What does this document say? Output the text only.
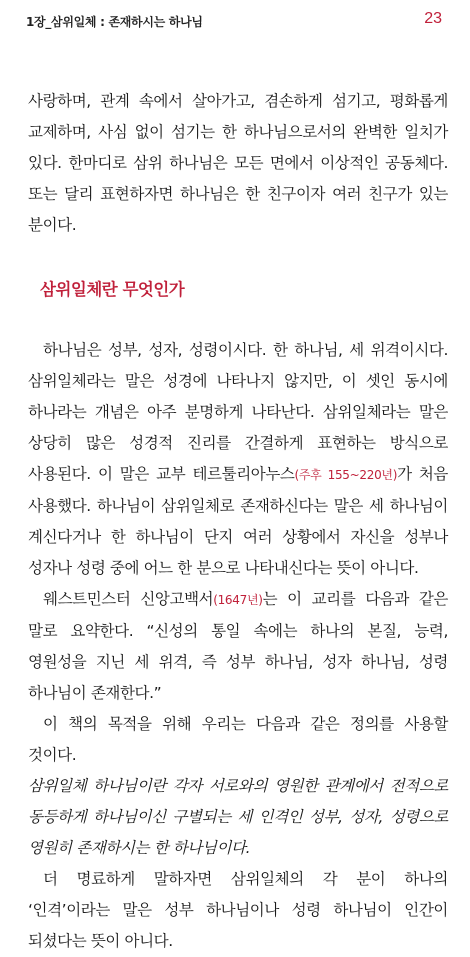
1장_삼위일체 : 존재하시는 하나님	23

사랑하며, 관계 속에서 살아가고, 겸손하게 섬기고, 평화롭게 교제하며, 사심 없이 섬기는 한 하나님으로서의 완벽한 일치가 있다. 한마디로 삼위 하나님은 모든 면에서 이상적인 공동체다. 또는 달리 표현하자면 하나님은 한 친구이자 여러 친구가 있는 분이다.

삼위일체란 무엇인가

하나님은 성부, 성자, 성령이시다. 한 하나님, 세 위격이시다. 삼위일체라는 말은 성경에 나타나지 않지만, 이 셋인 동시에 하나라는 개념은 아주 분명하게 나타난다. 삼위일체라는 말은 상당히 많은 성경적 진리를 간결하게 표현하는 방식으로 사용된다. 이 말은 교부 테르툴리아누스(주후 155~220년)가 처음 사용했다. 하나님이 삼위일체로 존재하신다는 말은 세 하나님이 계신다거나 한 하나님이 단지 여러 상황에서 자신을 성부나 성자나 성령 중에 어느 한 분으로 나타내신다는 뜻이 아니다.

웨스트민스터 신앙고백서(1647년)는 이 교리를 다음과 같은 말로 요약한다. “신성의 통일 속에는 하나의 본질, 능력, 영원성을 지닌 세 위격, 즉 성부 하나님, 성자 하나님, 성령 하나님이 존재한다.”

이 책의 목적을 위해 우리는 다음과 같은 정의를 사용할 것이다.

삼위일체 하나님이란 각자 서로와의 영원한 관계에서 전적으로 동등하게 하나님이신 구별되는 세 인격인 성부, 성자, 성령으로 영원히 존재하시는 한 하나님이다.

더 명료하게 말하자면 삼위일체의 각 분이 하나의 ‘인격’이라는 말은 성부 하나님이나 성령 하나님이 인간이 되셨다는 뜻이 아니다.
